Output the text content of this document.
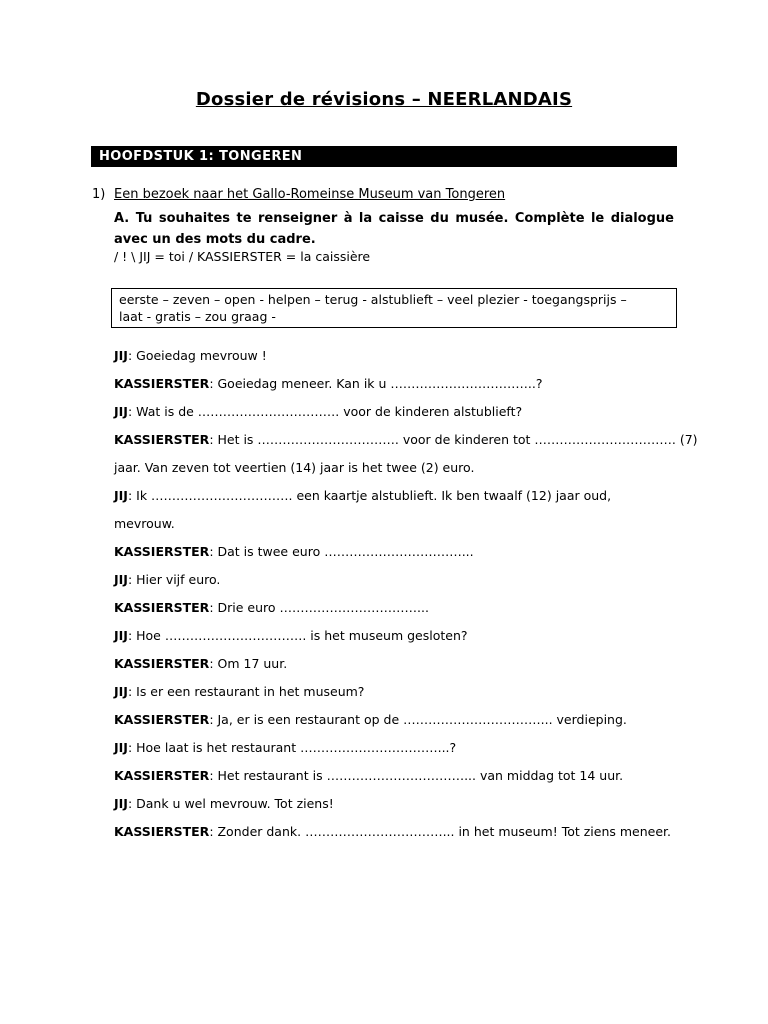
Dossier de révisions – NEERLANDAIS
HOOFDSTUK 1: TONGEREN
1) Een bezoek naar het Gallo-Romeinse Museum van Tongeren
A. Tu souhaites te renseigner à la caisse du musée. Complète le dialogue avec un des mots du cadre.
/ ! \ JIJ = toi / KASSIERSTER = la caissière
eerste – zeven – open - helpen – terug - alstublieft – veel plezier - toegangsprijs –
laat - gratis – zou graag -
JIJ: Goeiedag mevrouw !
KASSIERSTER: Goeiedag meneer. Kan ik u ……………………………..?
JIJ: Wat is de ……………………………. voor de kinderen alstublieft?
KASSIERSTER: Het is ……………………………. voor de kinderen tot ……………………………. (7)
jaar. Van zeven tot veertien (14) jaar is het twee (2) euro.
JIJ: Ik ……………………………. een kaartje alstublieft. Ik ben twaalf (12) jaar oud,
mevrouw.
KASSIERSTER: Dat is twee euro ……………………………...
JIJ: Hier vijf euro.
KASSIERSTER: Drie euro ……………………………...
JIJ: Hoe ……………………………. is het museum gesloten?
KASSIERSTER: Om 17 uur.
JIJ: Is er een restaurant in het museum?
KASSIERSTER: Ja, er is een restaurant op de ……………………………... verdieping.
JIJ: Hoe laat is het restaurant ……………………………...?
KASSIERSTER: Het restaurant is ……………………………... van middag tot 14 uur.
JIJ: Dank u wel mevrouw. Tot ziens!
KASSIERSTER: Zonder dank. ……………………………... in het museum! Tot ziens meneer.
